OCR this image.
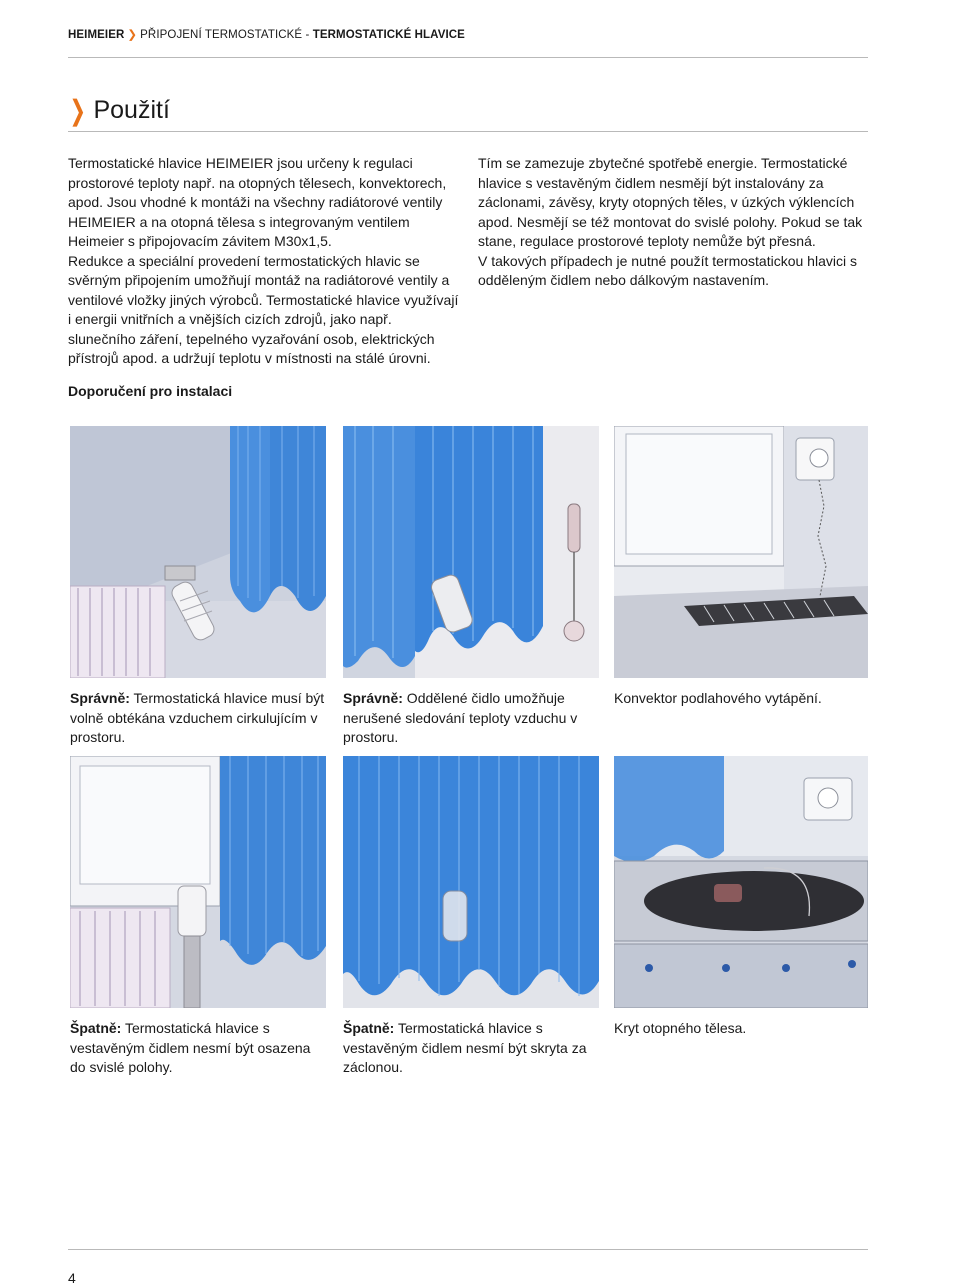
HEIMEIER ❯ PŘIPOJENÍ TERMOSTATICKÉ - TERMOSTATICKÉ HLAVICE
❯ Použití

Termostatické hlavice HEIMEIER jsou určeny k regulaci prostorové teploty např. na otopných tělesech, konvektorech, apod. Jsou vhodné k montáži na všechny radiátorové ventily HEIMEIER a na otopná tělesa s integrovaným ventilem Heimeier s připojovacím závitem M30x1,5.

Redukce a speciální provedení termostatických hlavic se svěrným připojením umožňují montáž na radiátorové ventily a ventilové vložky jiných výrobců. Termostatické hlavice využívají i energii vnitřních a vnějších cizích zdrojů, jako např. slunečního záření, tepelného vyzařování osob, elektrických přístrojů apod. a udržují teplotu v místnosti na stálé úrovni.

Tím se zamezuje zbytečné spotřebě energie. Termostatické hlavice s vestavěným čidlem nesmějí být instalovány za záclonami, závěsy, kryty otopných těles, v úzkých výklencích apod. Nesmějí se též montovat do svislé polohy. Pokud se tak stane, regulace prostorové teploty nemůže být přesná.

V takových případech je nutné použít termostatickou hlavici s odděleným čidlem nebo dálkovým nastavením.

Doporučení pro instalaci
Správně: Termostatická hlavice musí být volně obtékána vzduchem cirkulujícím v prostoru.
Správně: Oddělené čidlo umožňuje nerušené sledování teploty vzduchu v prostoru.
Konvektor podlahového vytápění.
Špatně: Termostatická hlavice s vestavěným čidlem nesmí být osazena do svislé polohy.
Špatně: Termostatická hlavice s vestavěným čidlem nesmí být skryta za záclonou.
Kryt otopného tělesa.
4
